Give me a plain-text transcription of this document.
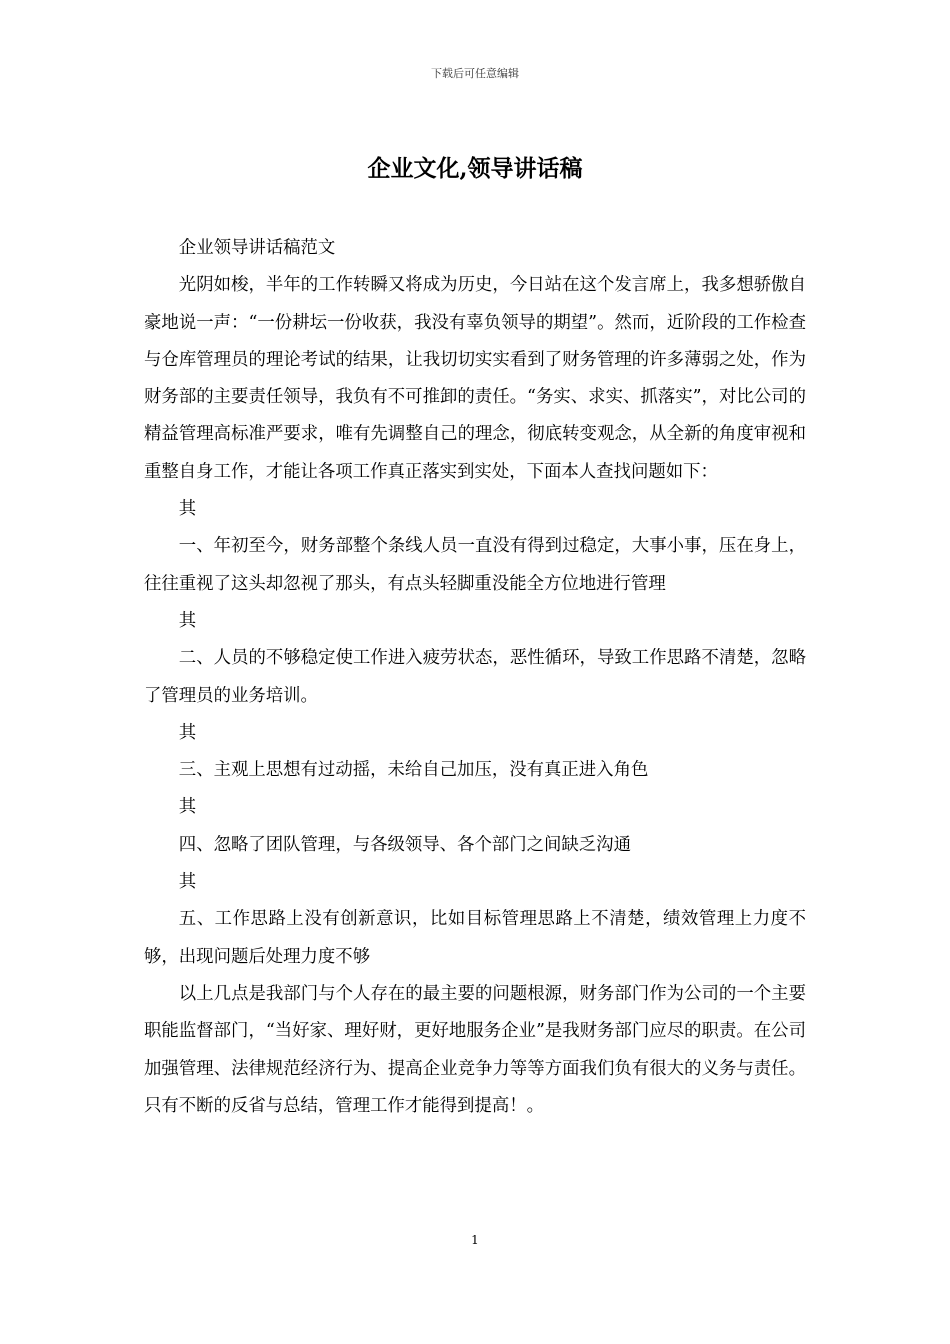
下载后可任意编辑
企业文化,领导讲话稿

企业领导讲话稿范文

光阴如梭，半年的工作转瞬又将成为历史，今日站在这个发言席上，我多想骄傲自豪地说一声：“一份耕坛一份收获，我没有辜负领导的期望”。然而，近阶段的工作检查与仓库管理员的理论考试的结果，让我切切实实看到了财务管理的许多薄弱之处，作为财务部的主要责任领导，我负有不可推卸的责任。“务实、求实、抓落实”，对比公司的精益管理高标准严要求，唯有先调整自己的理念，彻底转变观念，从全新的角度审视和重整自身工作，才能让各项工作真正落实到实处，下面本人查找问题如下：

其

一、年初至今，财务部整个条线人员一直没有得到过稳定，大事小事，压在身上，往往重视了这头却忽视了那头，有点头轻脚重没能全方位地进行管理

其

二、人员的不够稳定使工作进入疲劳状态，恶性循环，导致工作思路不清楚，忽略了管理员的业务培训。

其

三、主观上思想有过动摇，未给自己加压，没有真正进入角色

其

四、忽略了团队管理，与各级领导、各个部门之间缺乏沟通

其

五、工作思路上没有创新意识，比如目标管理思路上不清楚，绩效管理上力度不够，出现问题后处理力度不够

以上几点是我部门与个人存在的最主要的问题根源，财务部门作为公司的一个主要职能监督部门，“当好家、理好财，更好地服务企业”是我财务部门应尽的职责。在公司加强管理、法律规范经济行为、提高企业竞争力等等方面我们负有很大的义务与责任。只有不断的反省与总结，管理工作才能得到提高！。

1
